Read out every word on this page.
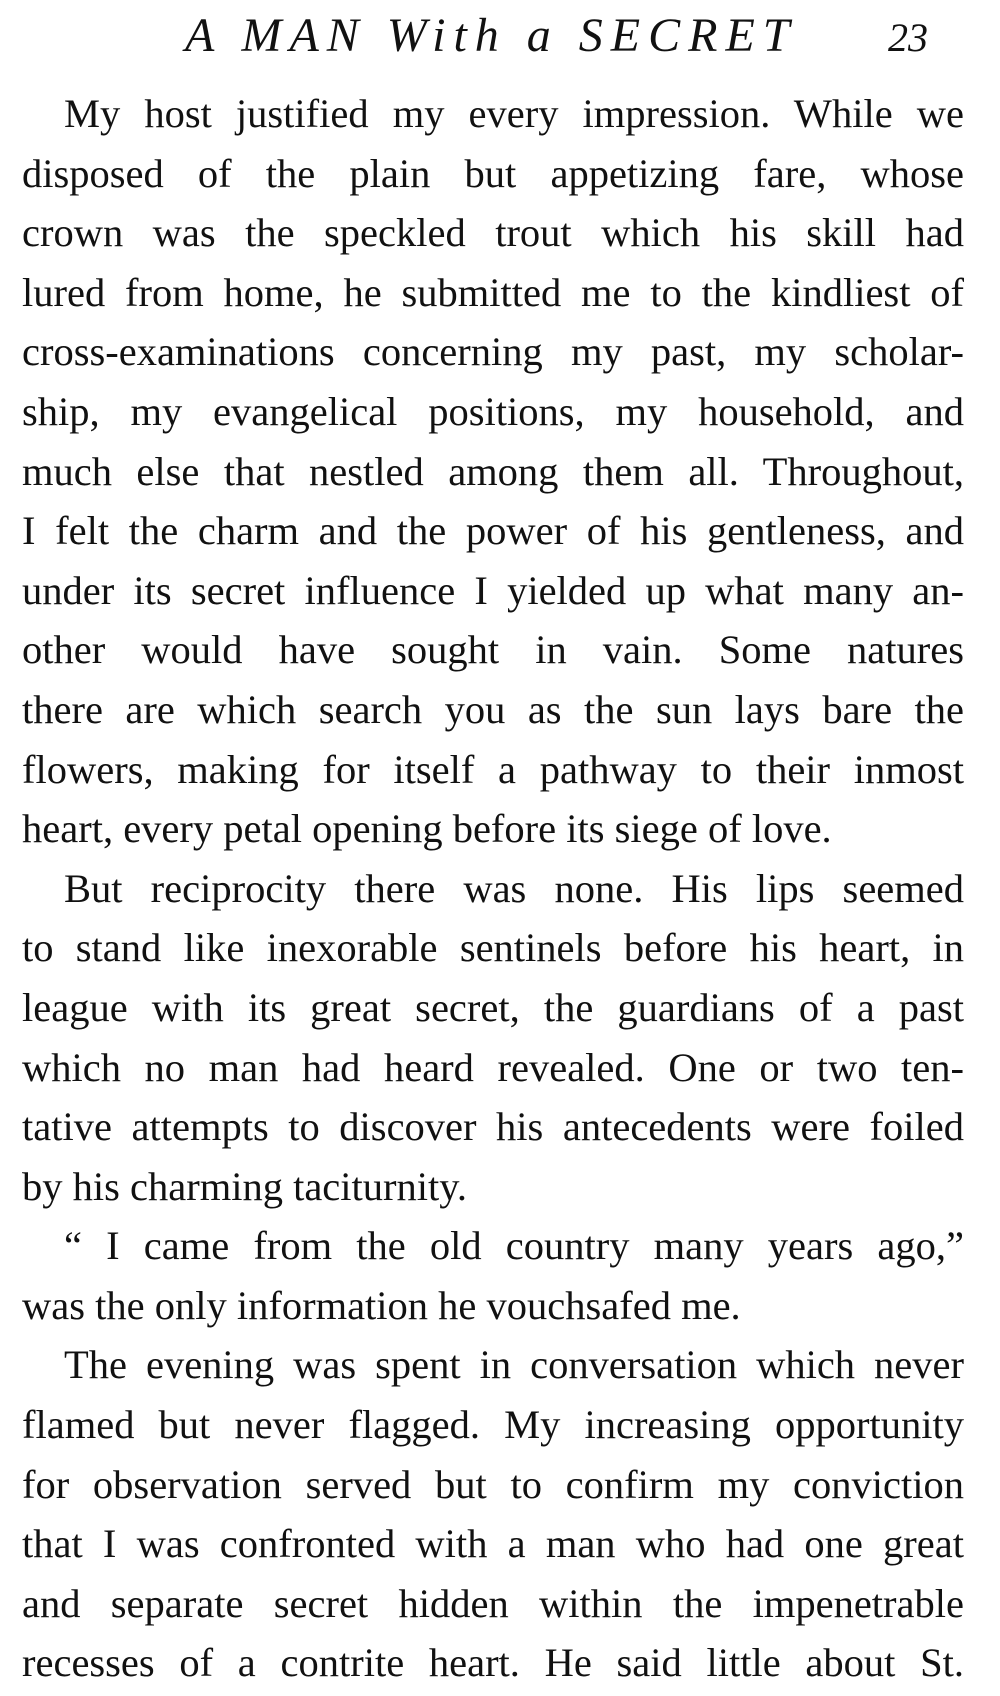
A MAN With a SECRET 23
My host justified my every impression. While we
disposed of the plain but appetizing fare, whose
crown was the speckled trout which his skill had
lured from home, he submitted me to the kindliest of
cross-examinations concerning my past, my scholar-
ship, my evangelical positions, my household, and
much else that nestled among them all. Throughout,
I felt the charm and the power of his gentleness, and
under its secret influence I yielded up what many an-
other would have sought in vain. Some natures
there are which search you as the sun lays bare the
flowers, making for itself a pathway to their inmost
heart, every petal opening before its siege of love.
But reciprocity there was none. His lips seemed
to stand like inexorable sentinels before his heart, in
league with its great secret, the guardians of a past
which no man had heard revealed. One or two ten-
tative attempts to discover his antecedents were foiled
by his charming taciturnity.
“ I came from the old country many years ago,”
was the only information he vouchsafed me.
The evening was spent in conversation which never
flamed but never flagged. My increasing opportunity
for observation served but to confirm my conviction
that I was confronted with a man who had one great
and separate secret hidden within the impenetrable
recesses of a contrite heart. He said little about St.
